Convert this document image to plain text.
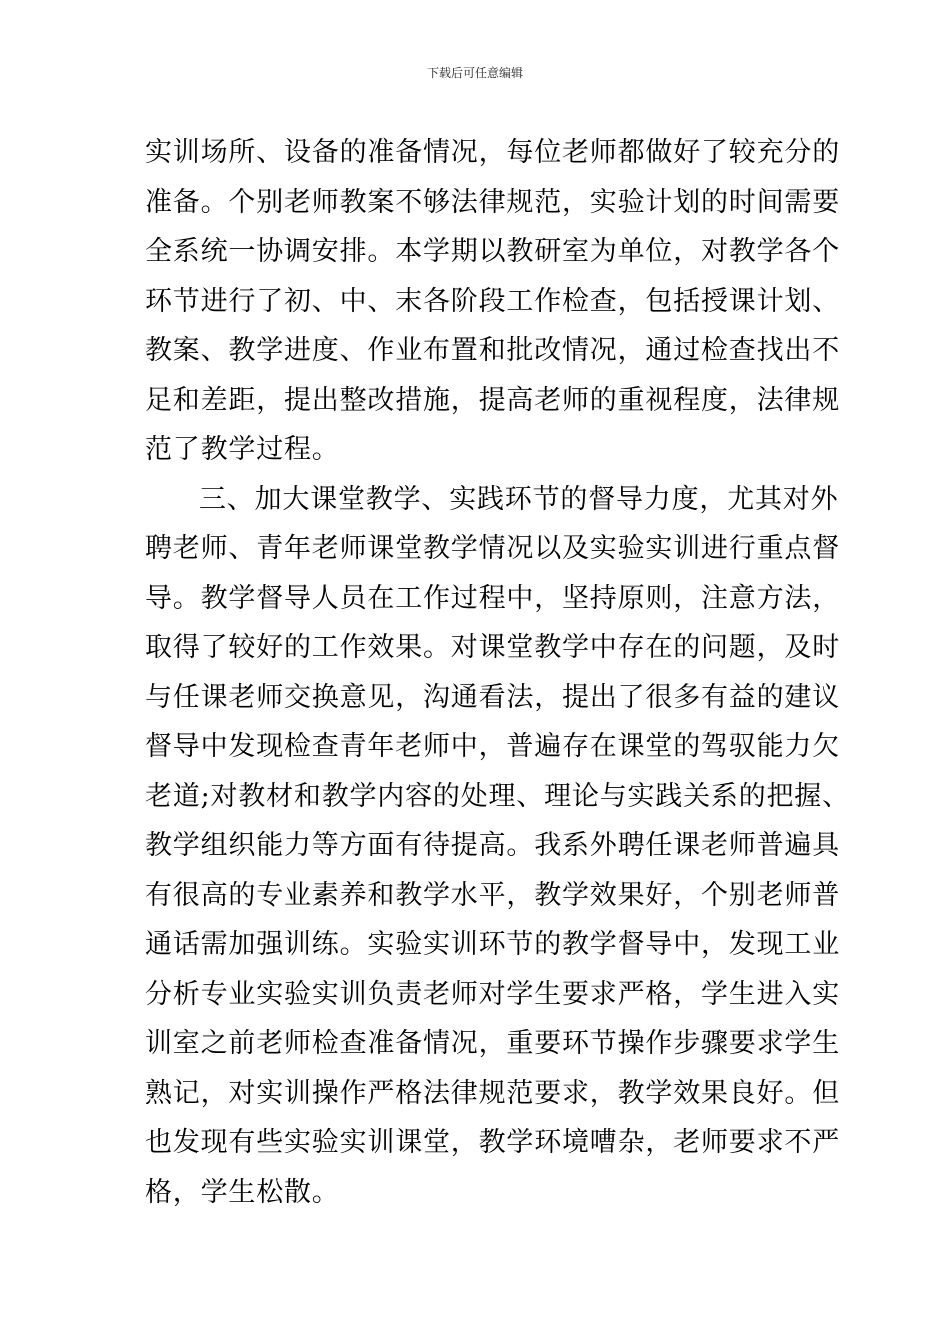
下载后可任意编辑
实训场所、设备的准备情况，每位老师都做好了较充分的
准备。个别老师教案不够法律规范，实验计划的时间需要
全系统一协调安排。本学期以教研室为单位，对教学各个
环节进行了初、中、末各阶段工作检查，包括授课计划、
教案、教学进度、作业布置和批改情况，通过检查找出不
足和差距，提出整改措施，提高老师的重视程度，法律规
范了教学过程。
三、加大课堂教学、实践环节的督导力度，尤其对外
聘老师、青年老师课堂教学情况以及实验实训进行重点督
导。教学督导人员在工作过程中，坚持原则，注意方法，
取得了较好的工作效果。对课堂教学中存在的问题，及时
与任课老师交换意见，沟通看法，提出了很多有益的建议
督导中发现检查青年老师中，普遍存在课堂的驾驭能力欠
老道;对教材和教学内容的处理、理论与实践关系的把握、
教学组织能力等方面有待提高。我系外聘任课老师普遍具
有很高的专业素养和教学水平，教学效果好，个别老师普
通话需加强训练。实验实训环节的教学督导中，发现工业
分析专业实验实训负责老师对学生要求严格，学生进入实
训室之前老师检查准备情况，重要环节操作步骤要求学生
熟记，对实训操作严格法律规范要求，教学效果良好。但
也发现有些实验实训课堂，教学环境嘈杂，老师要求不严
格，学生松散。
